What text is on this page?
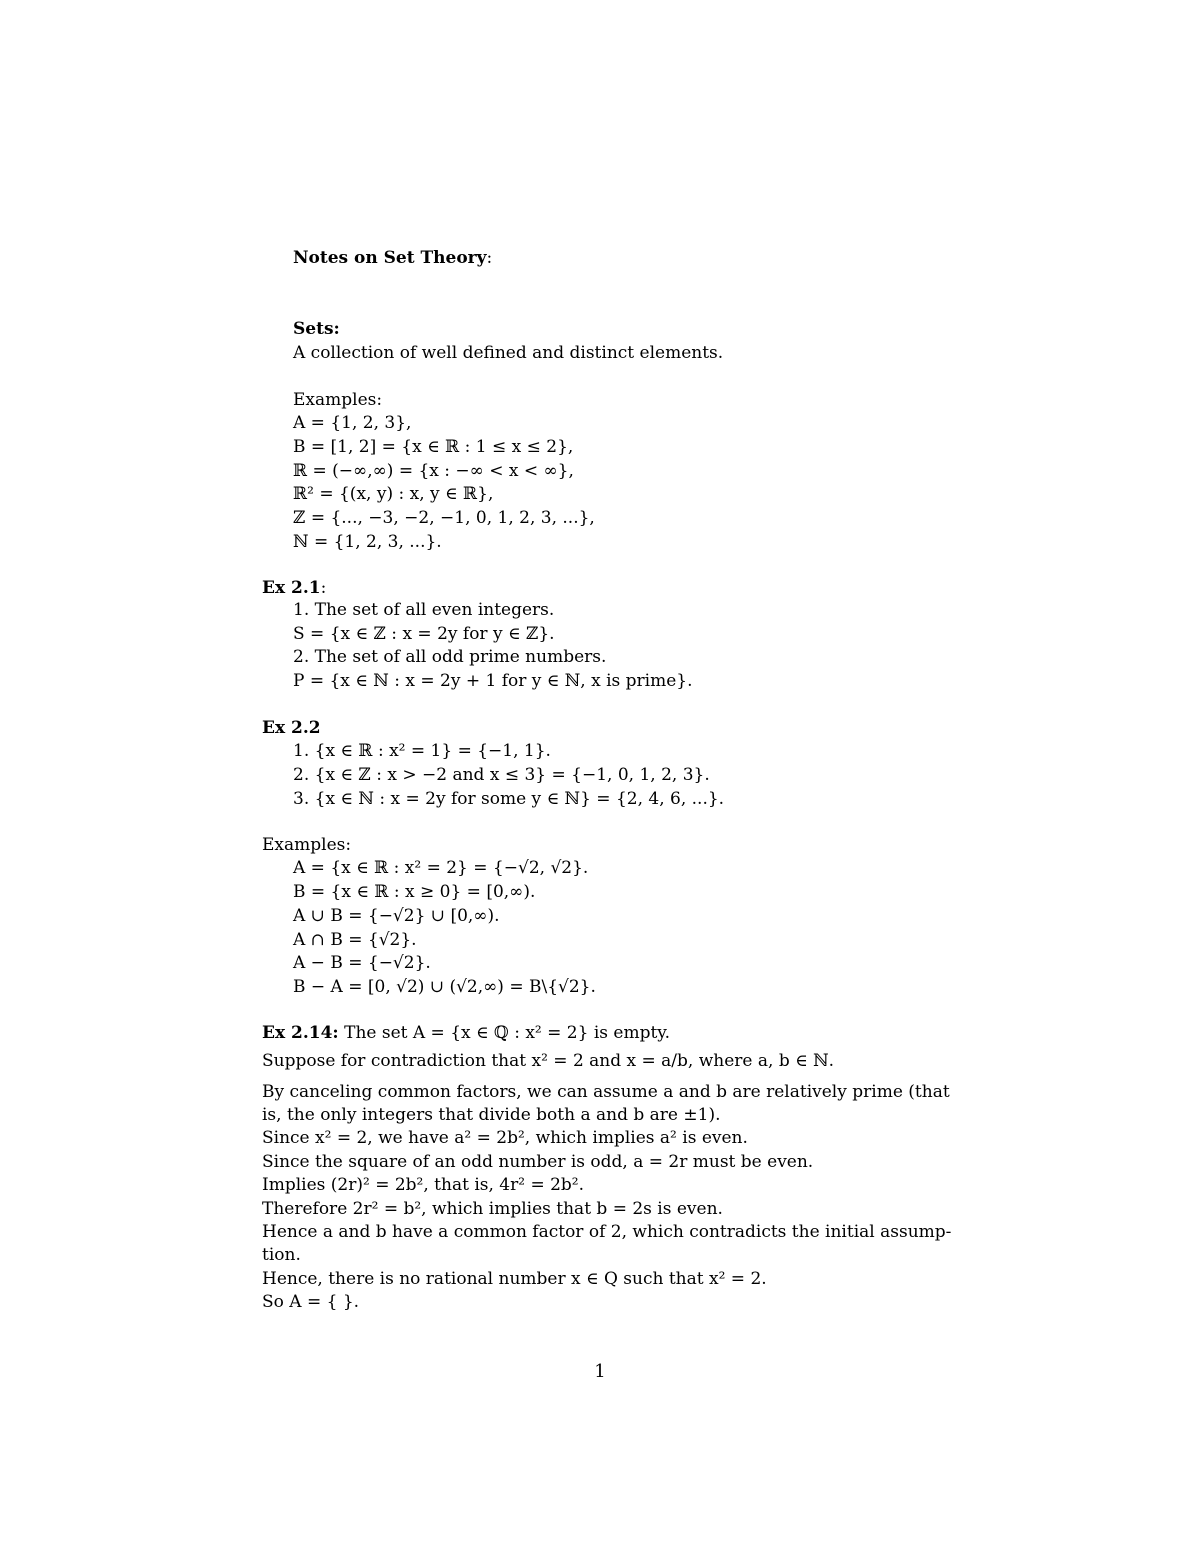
Notes on Set Theory:
Sets:
A collection of well defined and distinct elements.
Examples:
A = {1, 2, 3},
B = [1, 2] = {x ∈ ℝ : 1 ≤ x ≤ 2},
ℝ = (−∞,∞) = {x : −∞ < x < ∞},
ℝ² = {(x, y) : x, y ∈ ℝ},
ℤ = {..., −3, −2, −1, 0, 1, 2, 3, ...},
ℕ = {1, 2, 3, ...}.
Ex 2.1:
1. The set of all even integers.
S = {x ∈ ℤ : x = 2y for y ∈ ℤ}.
2. The set of all odd prime numbers.
P = {x ∈ ℕ : x = 2y + 1 for y ∈ ℕ, x is prime}.
Ex 2.2
1. {x ∈ ℝ : x² = 1} = {−1, 1}.
2. {x ∈ ℤ : x > −2 and x ≤ 3} = {−1, 0, 1, 2, 3}.
3. {x ∈ ℕ : x = 2y for some y ∈ ℕ} = {2, 4, 6, ...}.
Examples:
A = {x ∈ ℝ : x² = 2} = {−√2, √2}.
B = {x ∈ ℝ : x ≥ 0} = [0,∞).
A ∪ B = {−√2} ∪ [0,∞).
A ∩ B = {√2}.
A − B = {−√2}.
B − A = [0, √2) ∪ (√2,∞) = B\{√2}.
Ex 2.14: The set A = {x ∈ ℚ : x² = 2} is empty.
Suppose for contradiction that x² = 2 and x = a/b, where a, b ∈ ℕ.
By canceling common factors, we can assume a and b are relatively prime (that
is, the only integers that divide both a and b are ±1).
Since x² = 2, we have a² = 2b², which implies a² is even.
Since the square of an odd number is odd, a = 2r must be even.
Implies (2r)² = 2b², that is, 4r² = 2b².
Therefore 2r² = b², which implies that b = 2s is even.
Hence a and b have a common factor of 2, which contradicts the initial assump-
tion.
Hence, there is no rational number x ∈ Q such that x² = 2.
So A = { }.
1
